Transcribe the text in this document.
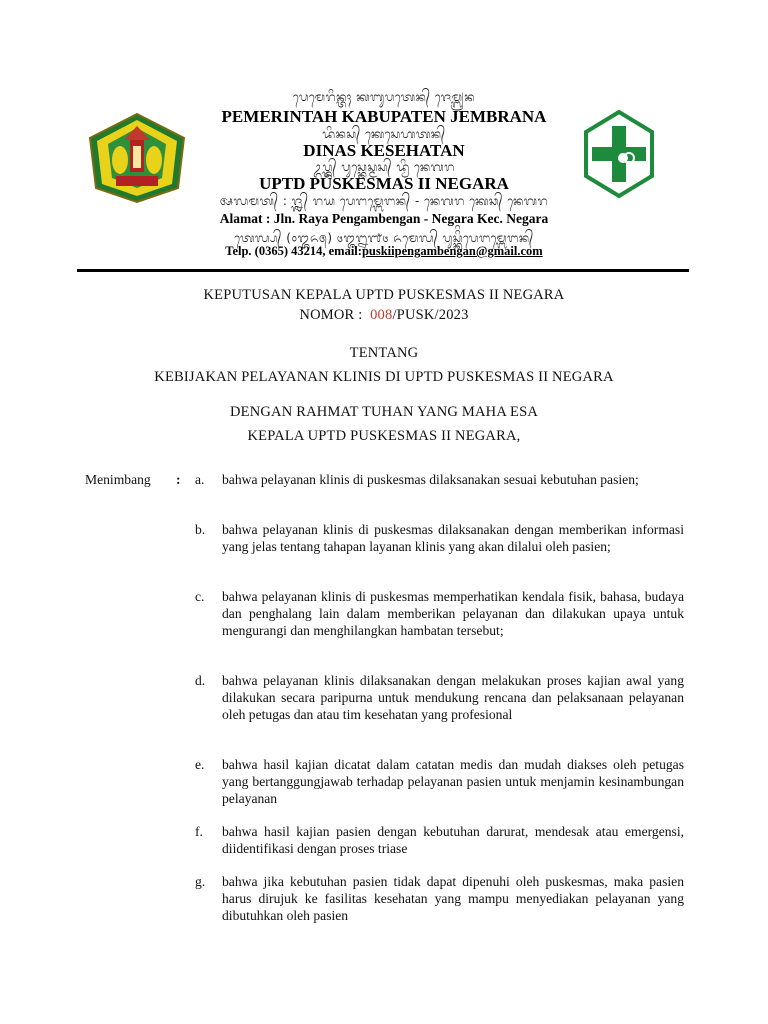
ᬧᬾᬫᬾᬭᬶᬦ᭄ᬢᬄ ᬓᬩᬸᬧᬢᬾᬦ᭄ ᬚᬾᬫ᭄ᬩ᭄ᬭᬦ
PEMERINTAH KABUPATEN JEMBRANA
ᬤᬶᬦᬲ᭄ ᬓᬾᬲᬾᬳᬢᬦ᭄
DINAS KESEHATAN
ᬉᬧ᭄ᬢ᭄ᬤ᭄ ᬧᬸᬲ᭄ᬓᬾᬲ᭄ᬫᬲ᭄ ᬤ᭄ᬯᬶ ᬦᬾᬕᬭ
UPTD PUSKESMAS II NEGARA
ᬅᬮᬫᬢ᭄ : ᬚ᭄ᬮ᭄ᬦ᭄ ᬭᬬ ᬧᬾᬗᬫ᭄ᬩᬾᬗᬦ᭄ - ᬦᬾᬕᬭ ᬓᬾᬘ᭄ ᬦᬾᬕᬭ
Alamat : Jln. Raya Pengambengan - Negara Kec. Negara
ᬢᬾᬮ᭄ᬧ᭄ (᭐᭓᭖᭕) ᭔᭓᭒᭑᭔ ᬏᬫᬾᬮ᭄ ᬧᬸᬲ᭄ᬓᬶᬶᬧᬾᬗᬫ᭄ᬩᬾᬗᬦ᭄
Telp. (0365) 43214, email:puskiipengambengan@gmail.com
KEPUTUSAN KEPALA UPTD PUSKESMAS II NEGARA
NOMOR :  008/PUSK/2023
TENTANG
KEBIJAKAN PELAYANAN KLINIS DI UPTD PUSKESMAS II NEGARA
DENGAN RAHMAT TUHAN YANG MAHA ESA
KEPALA UPTD PUSKESMAS II NEGARA,
Menimbang : a.	bahwa pelayanan klinis di puskesmas dilaksanakan sesuai kebutuhan pasien;
b.	bahwa pelayanan klinis di puskesmas dilaksanakan dengan memberikan informasi yang jelas tentang tahapan layanan klinis yang akan dilalui oleh pasien;
c.	bahwa pelayanan klinis di puskesmas memperhatikan kendala fisik, bahasa, budaya dan penghalang lain dalam memberikan pelayanan dan dilakukan upaya untuk mengurangi dan menghilangkan hambatan tersebut;
d.	bahwa pelayanan klinis dilaksanakan dengan melakukan proses kajian awal yang dilakukan secara paripurna untuk mendukung rencana dan pelaksanaan pelayanan oleh petugas dan atau tim kesehatan yang profesional
e.	bahwa hasil kajian dicatat dalam catatan medis dan mudah diakses oleh petugas yang bertanggungjawab terhadap pelayanan pasien untuk menjamin kesinambungan pelayanan
f.	bahwa hasil kajian pasien dengan kebutuhan darurat, mendesak atau emergensi, diidentifikasi dengan proses triase
g.	bahwa jika kebutuhan pasien tidak dapat dipenuhi oleh puskesmas, maka pasien harus dirujuk ke fasilitas kesehatan yang mampu menyediakan pelayanan yang dibutuhkan oleh pasien
